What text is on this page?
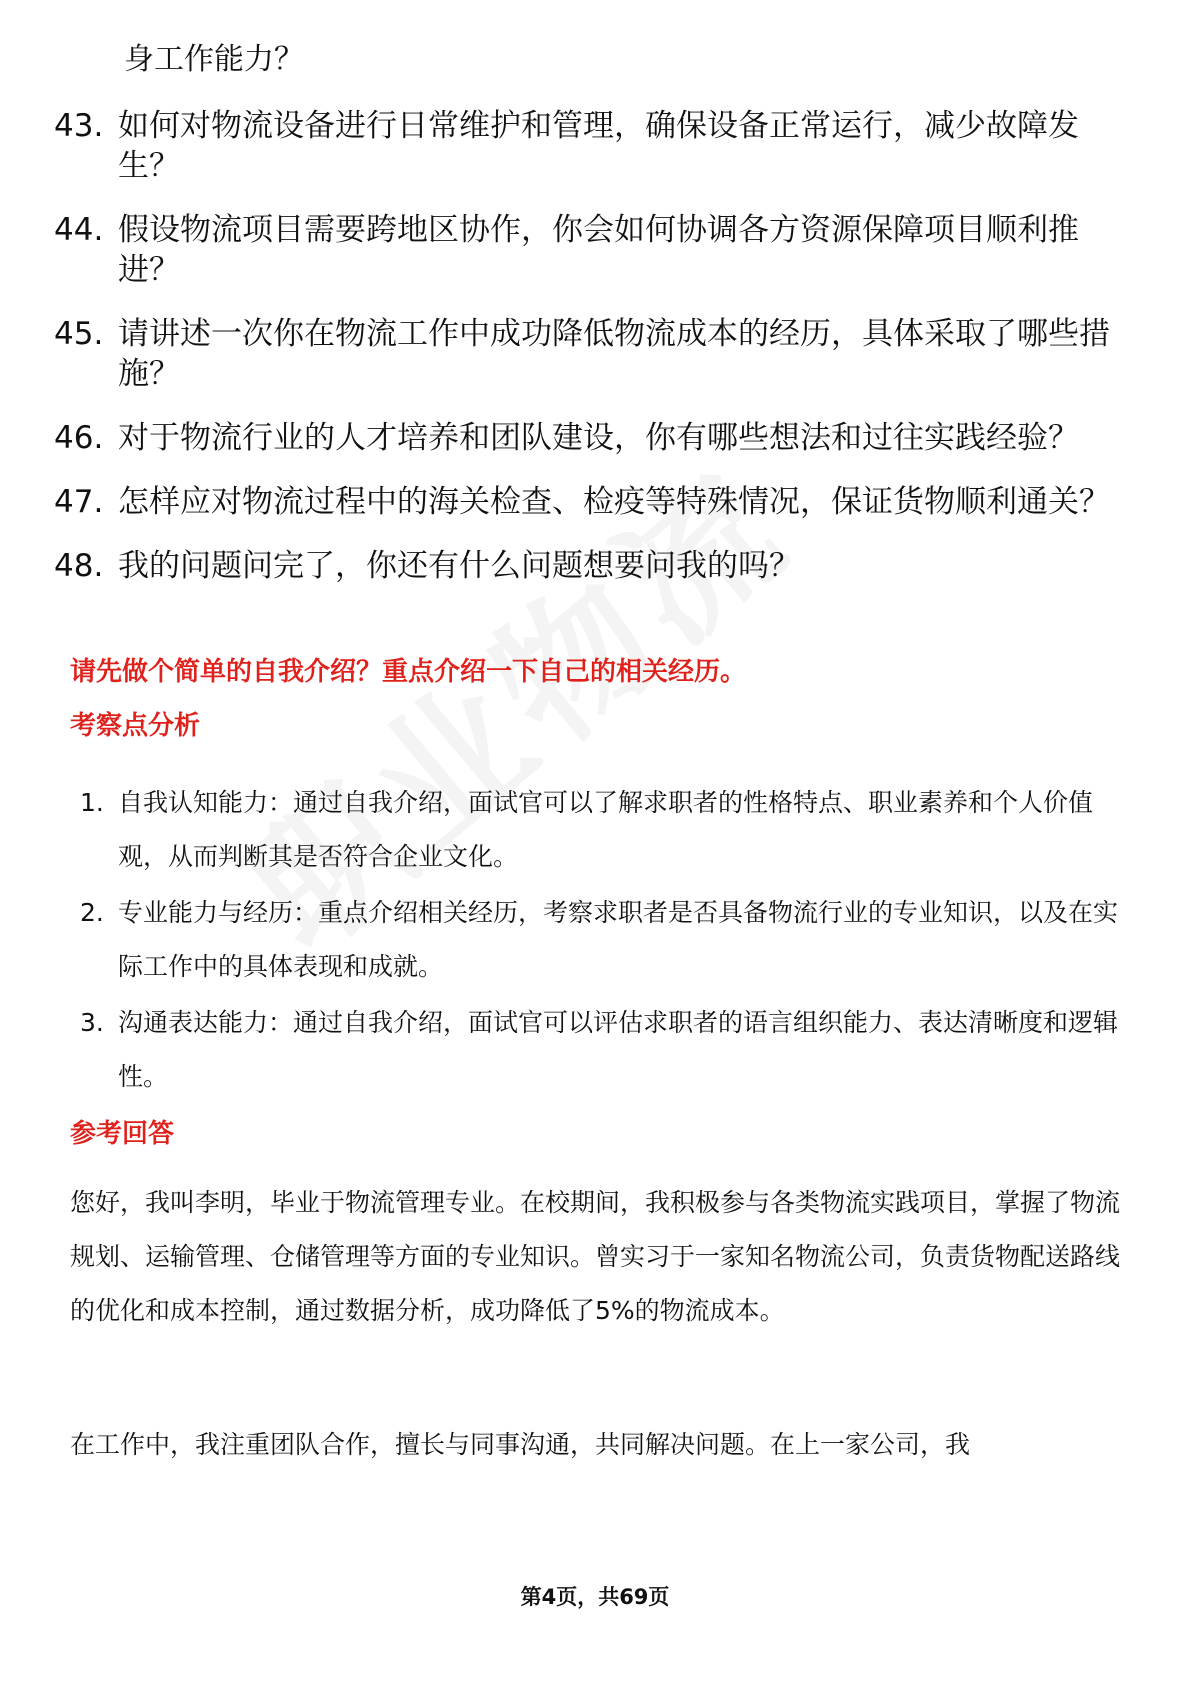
身工作能力？
43. 如何对物流设备进行日常维护和管理，确保设备正常运行，减少故障发生？
44. 假设物流项目需要跨地区协作，你会如何协调各方资源保障项目顺利推进？
45. 请讲述一次你在物流工作中成功降低物流成本的经历，具体采取了哪些措施？
46. 对于物流行业的人才培养和团队建设，你有哪些想法和过往实践经验？
47. 怎样应对物流过程中的海关检查、检疫等特殊情况，保证货物顺利通关？
48. 我的问题问完了，你还有什么问题想要问我的吗？
请先做个简单的自我介绍？重点介绍一下自己的相关经历。
考察点分析
1. 自我认知能力：通过自我介绍，面试官可以了解求职者的性格特点、职业素养和个人价值观，从而判断其是否符合企业文化。
2. 专业能力与经历：重点介绍相关经历，考察求职者是否具备物流行业的专业知识，以及在实际工作中的具体表现和成就。
3. 沟通表达能力：通过自我介绍，面试官可以评估求职者的语言组织能力、表达清晰度和逻辑性。
参考回答
您好，我叫李明，毕业于物流管理专业。在校期间，我积极参与各类物流实践项目，掌握了物流规划、运输管理、仓储管理等方面的专业知识。曾实习于一家知名物流公司，负责货物配送路线的优化和成本控制，通过数据分析，成功降低了5%的物流成本。
在工作中，我注重团队合作，擅长与同事沟通，共同解决问题。在上一家公司，我
第4页，共69页
